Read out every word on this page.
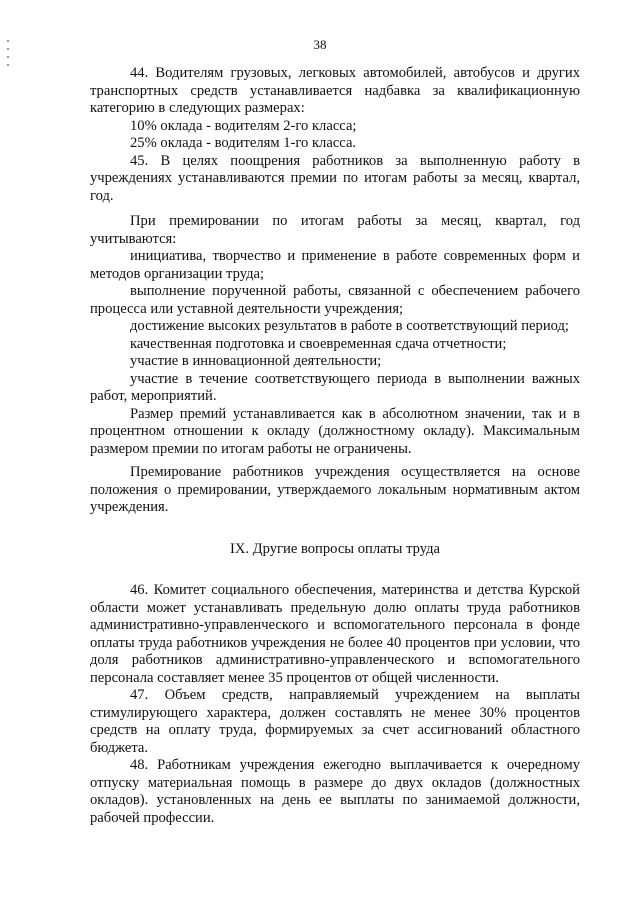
38

44. Водителям грузовых, легковых автомобилей, автобусов и других транспортных средств устанавливается надбавка за квалификационную категорию в следующих размерах:

10% оклада - водителям 2-го класса;

25% оклада - водителям 1-го класса.

45. В целях поощрения работников за выполненную работу в учреждениях устанавливаются премии по итогам работы за месяц, квартал, год.

При премировании по итогам работы за месяц, квартал, год учитываются:

инициатива, творчество и применение в работе современных форм и методов организации труда;

выполнение порученной работы, связанной с обеспечением рабочего процесса или уставной деятельности учреждения;

достижение высоких результатов в работе в соответствующий период;

качественная подготовка и своевременная сдача отчетности;

участие в инновационной деятельности;

участие в течение соответствующего периода в выполнении важных работ, мероприятий.

Размер премий устанавливается как в абсолютном значении, так и в процентном отношении к окладу (должностному окладу). Максимальным размером премии по итогам работы не ограничены.

Премирование работников учреждения осуществляется на основе положения о премировании, утверждаемого локальным нормативным актом учреждения.

IX. Другие вопросы оплаты труда

46. Комитет социального обеспечения, материнства и детства Курской области может устанавливать предельную долю оплаты труда работников административно-управленческого и вспомогательного персонала в фонде оплаты труда работников учреждения не более 40 процентов при условии, что доля работников административно-управленческого и вспомогательного персонала составляет менее 35 процентов от общей численности.

47. Объем средств, направляемый учреждением на выплаты стимулирующего характера, должен составлять не менее 30% процентов средств на оплату труда, формируемых за счет ассигнований областного бюджета.

48. Работникам учреждения ежегодно выплачивается к очередному отпуску материальная помощь в размере до двух окладов (должностных окладов). установленных на день ее выплаты по занимаемой должности, рабочей профессии.
